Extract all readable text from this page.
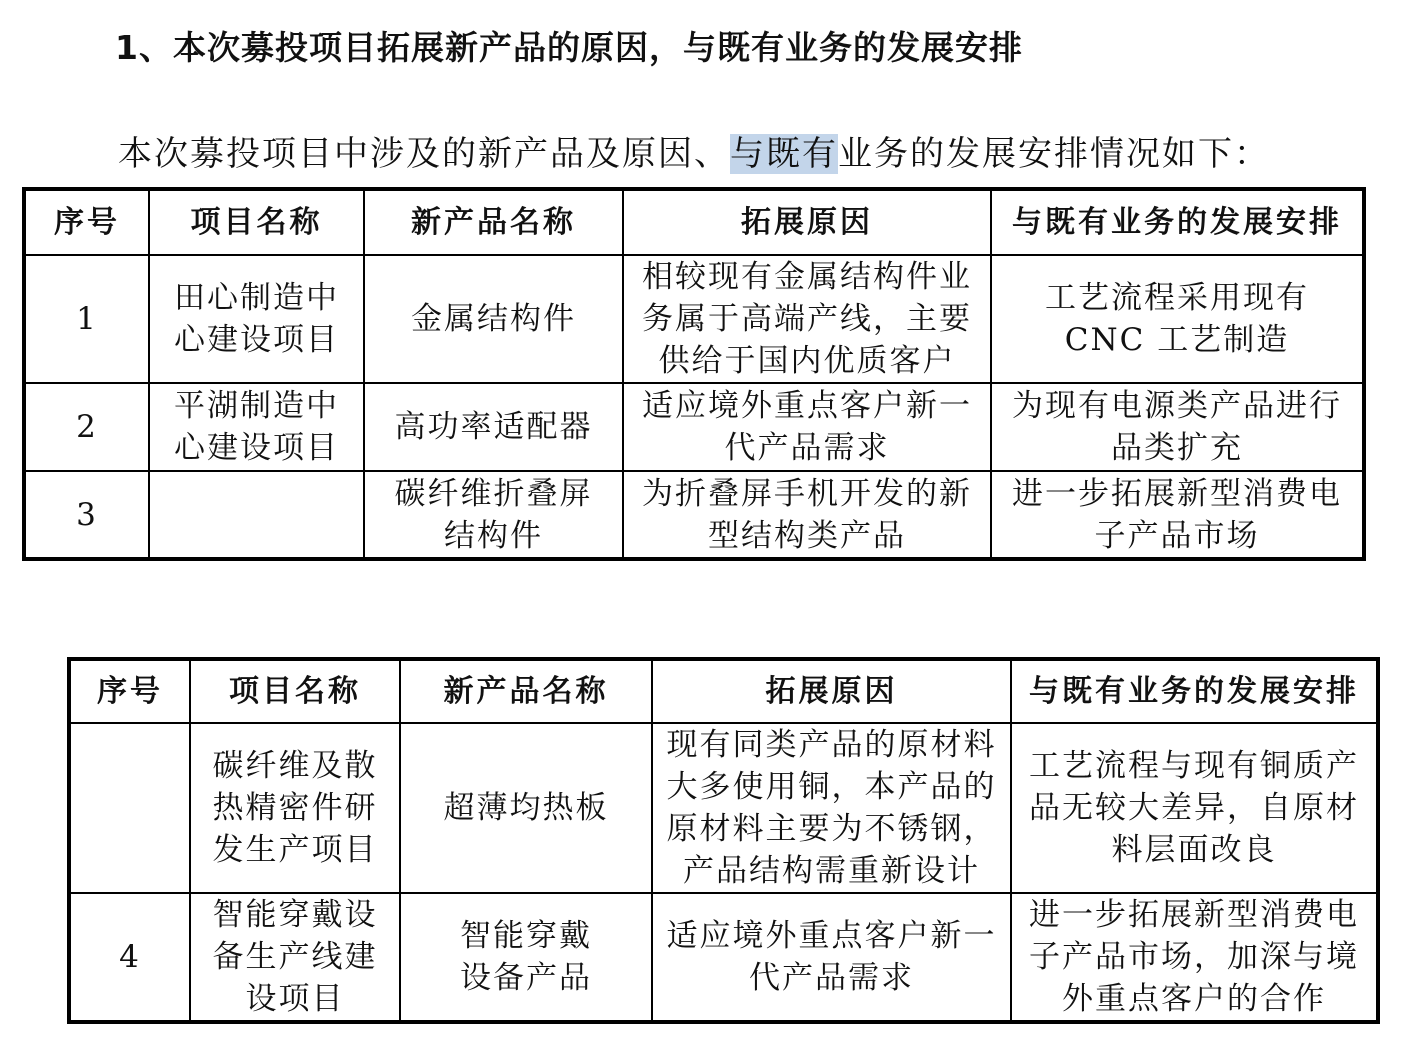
1、本次募投项目拓展新产品的原因，与既有业务的发展安排
本次募投项目中涉及的新产品及原因、与既有业务的发展安排情况如下：
序号	项目名称	新产品名称	拓展原因	与既有业务的发展安排
1	田心制造中
心建设项目	金属结构件	相较现有金属结构件业
务属于高端产线，主要
供给于国内优质客户	工艺流程采用现有
CNC 工艺制造

2	平湖制造中
心建设项目	高功率适配器	适应境外重点客户新一
代产品需求	为现有电源类产品进行
品类扩充

3		碳纤维折叠屏
结构件	为折叠屏手机开发的新
型结构类产品	进一步拓展新型消费电
子产品市场
序号	项目名称	新产品名称	拓展原因	与既有业务的发展安排

	碳纤维及散
热精密件研
发生产项目	超薄均热板	现有同类产品的原材料
大多使用铜，本产品的
原材料主要为不锈钢，
产品结构需重新设计	工艺流程与现有铜质产
品无较大差异，自原材
料层面改良

4	智能穿戴设
备生产线建
设项目	智能穿戴
设备产品	适应境外重点客户新一
代产品需求	进一步拓展新型消费电
子产品市场，加深与境
外重点客户的合作
